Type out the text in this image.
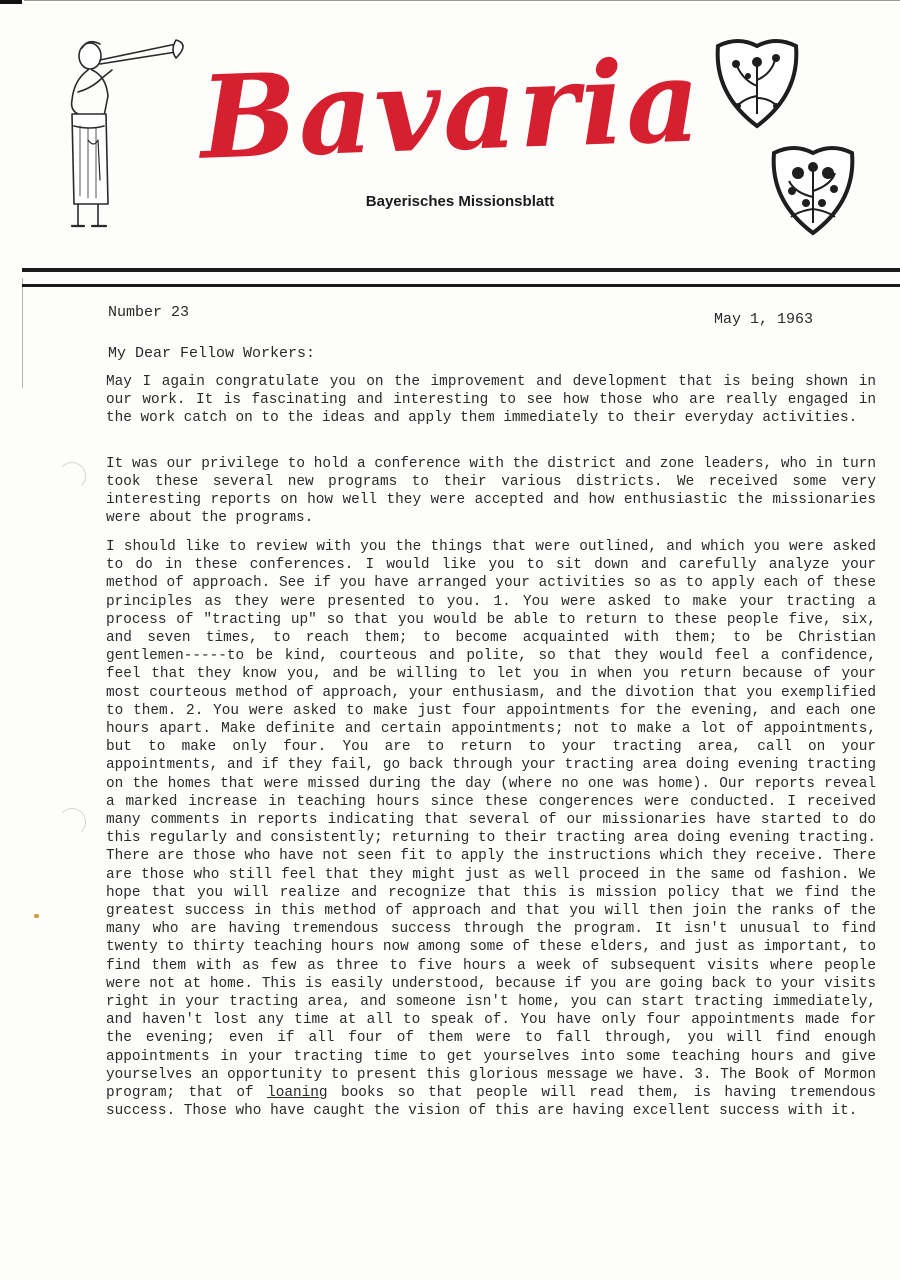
Bavaria
Bayerisches Missionsblatt
Number 23	May 1, 1963
My Dear Fellow Workers:
May I again congratulate you on the improvement and development that is being shown in our work. It is fascinating and interesting to see how those who are really engaged in the work catch on to the ideas and apply them immediately to their everyday activities.
It was our privilege to hold a conference with the district and zone leaders, who in turn took these several new programs to their various districts. We received some very interesting reports on how well they were accepted and how enthusiastic the missionaries were about the programs.
I should like to review with you the things that were outlined, and which you were asked to do in these conferences. I would like you to sit down and carefully analyze your method of approach. See if you have arranged your activities so as to apply each of these principles as they were presented to you. 1. You were asked to make your tracting a process of "tracting up" so that you would be able to return to these people five, six, and seven times, to reach them; to become acquainted with them; to be Christian gentlemen-----to be kind, courteous and polite, so that they would feel a confidence, feel that they know you, and be willing to let you in when you return because of your most courteous method of approach, your enthusiasm, and the divotion that you exemplified to them. 2. You were asked to make just four appointments for the evening, and each one hours apart. Make definite and certain appointments; not to make a lot of appointments, but to make only four. You are to return to your tracting area, call on your appointments, and if they fail, go back through your tracting area doing evening tracting on the homes that were missed during the day (where no one was home). Our reports reveal a marked increase in teaching hours since these congerences were conducted. I received many comments in reports indicating that several of our missionaries have started to do this regularly and consistently; returning to their tracting area doing evening tracting. There are those who have not seen fit to apply the instructions which they receive. There are those who still feel that they might just as well proceed in the same od fashion. We hope that you will realize and recognize that this is mission policy that we find the greatest success in this method of approach and that you will then join the ranks of the many who are having tremendous success through the program. It isn't unusual to find twenty to thirty teaching hours now among some of these elders, and just as important, to find them with as few as three to five hours a week of subsequent visits where people were not at home. This is easily understood, because if you are going back to your visits right in your tracting area, and someone isn't home, you can start tracting immediately, and haven't lost any time at all to speak of. You have only four appointments made for the evening; even if all four of them were to fall through, you will find enough appointments in your tracting time to get yourselves into some teaching hours and give yourselves an opportunity to present this glorious message we have. 3. The Book of Mormon program; that of loaning books so that people will read them, is having tremendous success. Those who have caught the vision of this are having excellent success with it.
